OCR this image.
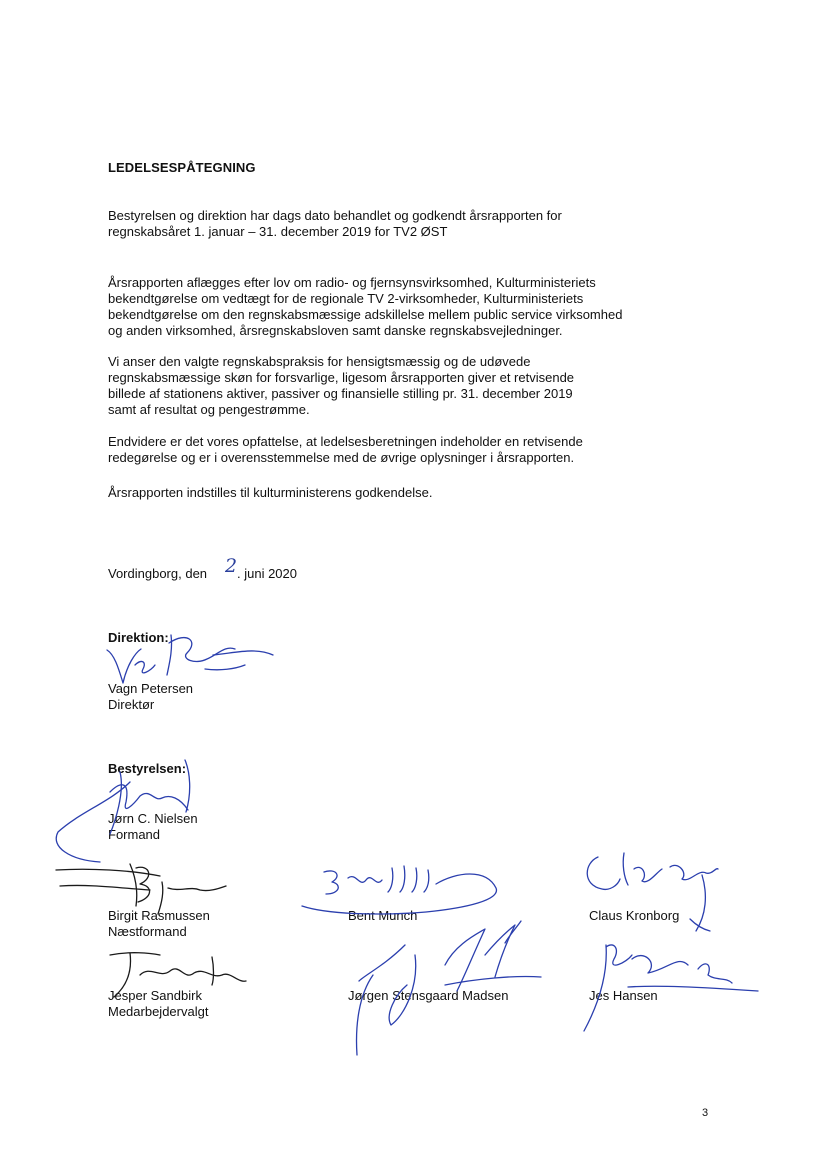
LEDELSESPÅTEGNING
Bestyrelsen og direktion har dags dato behandlet og godkendt årsrapporten for
regnskabsåret 1. januar – 31. december 2019 for TV2 ØST
Årsrapporten aflægges efter lov om radio- og fjernsynsvirksomhed, Kulturministeriets
bekendtgørelse om vedtægt for de regionale TV 2-virksomheder, Kulturministeriets
bekendtgørelse om den regnskabsmæssige adskillelse mellem public service virksomhed
og anden virksomhed, årsregnskabsloven samt danske regnskabsvejledninger.
Vi anser den valgte regnskabspraksis for hensigtsmæssig og de udøvede
regnskabsmæssige skøn for forsvarlige, ligesom årsrapporten giver et retvisende
billede af stationens aktiver, passiver og finansielle stilling pr. 31. december 2019
samt af resultat og pengestrømme.
Endvidere er det vores opfattelse, at ledelsesberetningen indeholder en retvisende
redegørelse og er i overensstemmelse med de øvrige oplysninger i årsrapporten.
Årsrapporten indstilles til kulturministerens godkendelse.
Vordingborg, den 2 . juni 2020
Direktion:
Vagn Petersen
Direktør
Bestyrelsen:
Jørn C. Nielsen
Formand
Birgit Rasmussen
Næstformand
Jesper Sandbirk
Medarbejdervalgt
Bent Munch	Claus Kronborg
Jørgen Stensgaard Madsen	Jes Hansen
3
